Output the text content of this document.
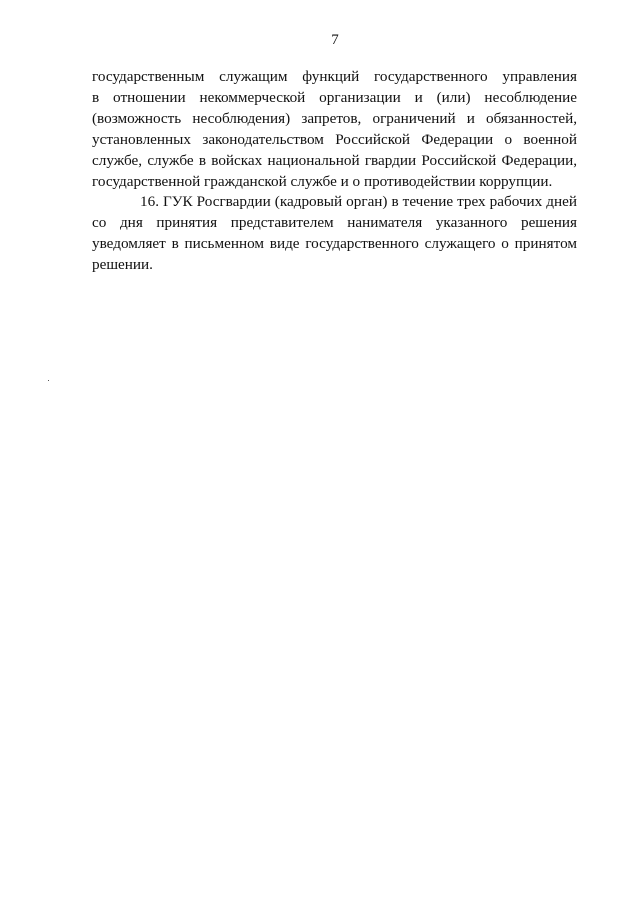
7

государственным служащим функций государственного управления
в отношении некоммерческой организации и (или) несоблюдение
(возможность несоблюдения) запретов, ограничений и обязанностей,
установленных законодательством Российской Федерации о военной
службе, службе в войсках национальной гвардии Российской Федерации,
государственной гражданской службе и о противодействии коррупции.

16. ГУК Росгвардии (кадровый орган) в течение трех рабочих дней
со дня принятия представителем нанимателя указанного решения
уведомляет в письменном виде государственного служащего о принятом
решении.
